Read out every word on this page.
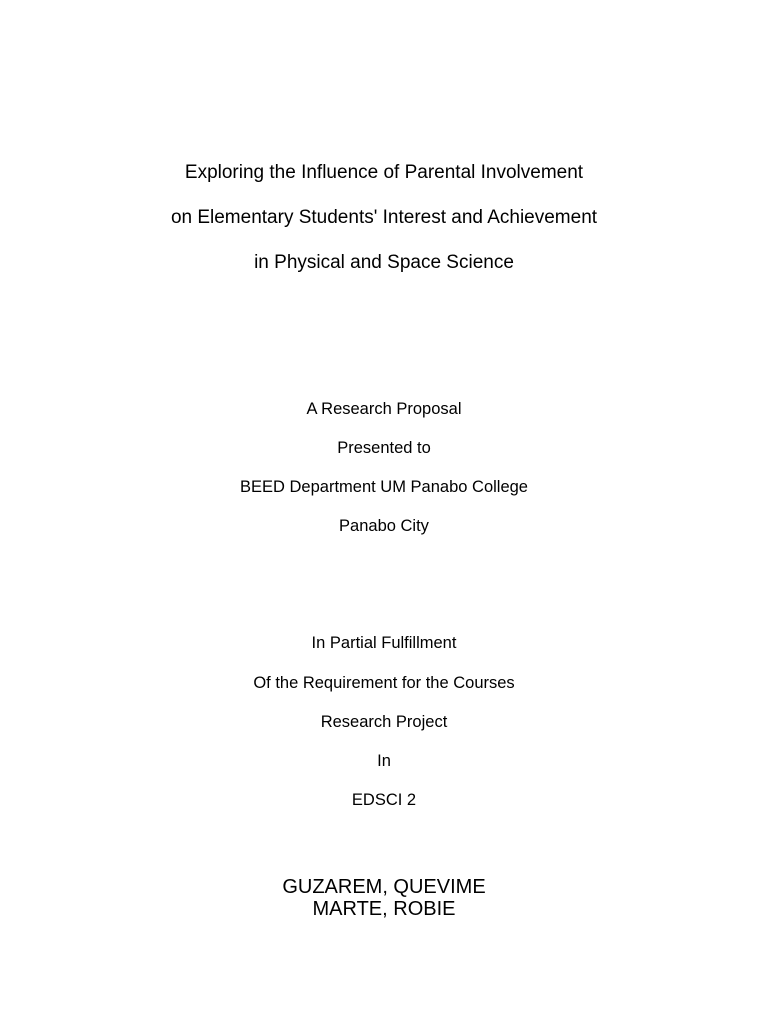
Exploring the Influence of Parental Involvement
on Elementary Students' Interest and Achievement
in Physical and Space Science
A Research Proposal
Presented to
BEED Department UM Panabo College
Panabo City
In Partial Fulfillment
Of the Requirement for the Courses
Research Project
In
EDSCI 2
GUZAREM, QUEVIME
MARTE, ROBIE
